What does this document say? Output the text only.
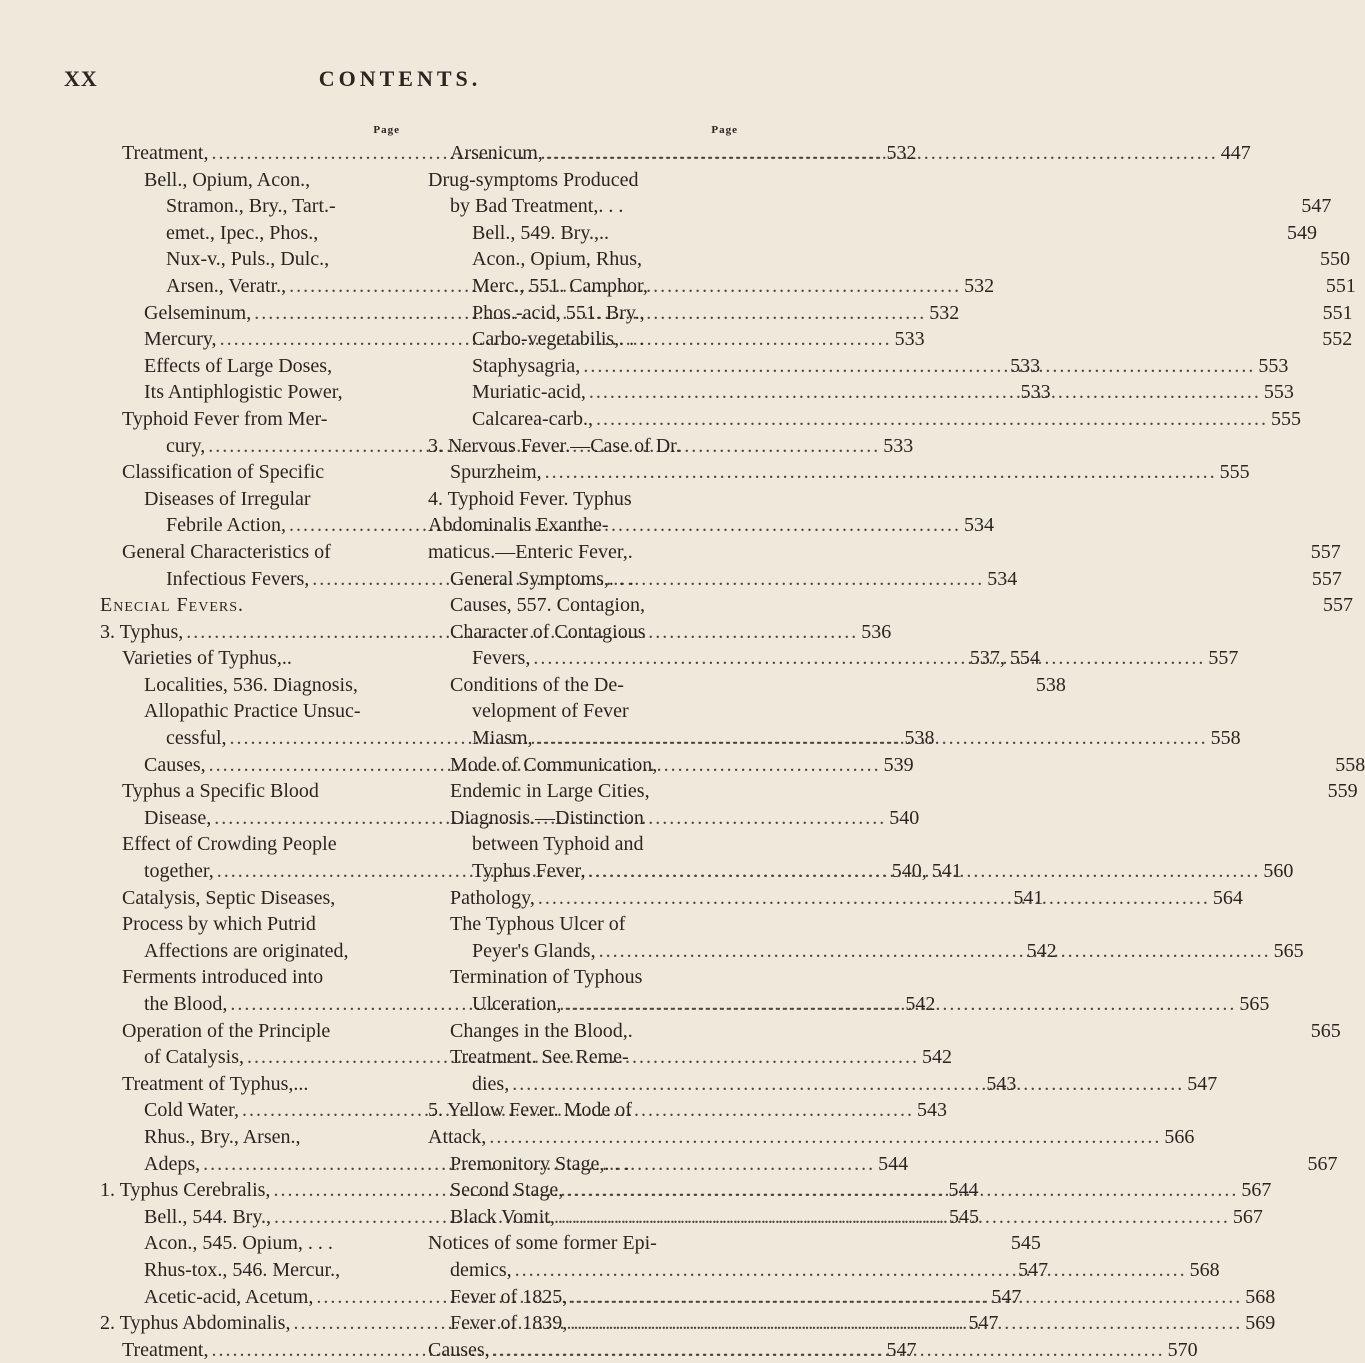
XX	CONTENTS.
Page
Treatment, .....	532
Bell., Opium, Acon.,
Stramon., Bry., Tart.-
emet., Ipec., Phos.,
Nux-v., Puls., Dulc.,
Arsen., Veratr., .....	532
Gelseminum, .....	532
Mercury, .....	533
Effects of Large Doses,	533
Its Antiphlogistic Power,	533
Typhoid Fever from Mer-
cury, .....	533
Classification of Specific
Diseases of Irregular
Febrile Action, .....	534
General Characteristics of
Infectious Fevers, .....	534
Enecial Fevers.
3. Typhus, .....	536
Varieties of Typhus,..	537, 554
Localities, 536. Diagnosis,	538
Allopathic Practice Unsuc-
cessful, .....	538
Causes, .....	539
Typhus a Specific Blood
Disease, .....	540
Effect of Crowding People
together, .....	540, 541
Catalysis, Septic Diseases,	541
Process by which Putrid
Affections are originated,	542
Ferments introduced into
the Blood, .....	542
Operation of the Principle
of Catalysis, .....	542
Treatment of Typhus,...	543
Cold Water, .....	543
Rhus., Bry., Arsen.,
Adeps, .....	544
1. Typhus Cerebralis, .....	544
Bell., 544. Bry., .....	545
Acon., 545. Opium, . . .	545
Rhus-tox., 546. Mercur.,	547
Acetic-acid, Acetum, .....	547
2. Typhus Abdominalis, .....	547
Treatment, .....	547
Page
Arsenicum, .....	447
Drug-symptoms Produced
by Bad Treatment,. . .	547
Bell., 549. Bry.,..	549
Acon., Opium, Rhus,	550
Merc., 551. Camphor,	551
Phos.-acid, 551. Bry.,	551
Carbo-vegetabilis,. . .	552
Staphysagria, .....	553
Muriatic-acid, .....	553
Calcarea-carb., .....	555
3. Nervous Fever.—Case of Dr.
Spurzheim, .....	555
4. Typhoid Fever. Typhus
Abdominalis Exanthe-
maticus.—Enteric Fever,.	557
General Symptoms,. . .	557
Causes, 557. Contagion,	557
Character of Contagious
Fevers, .....	557
Conditions of the De-
velopment of Fever
Miasm, .....	558
Mode of Communication,	558
Endemic in Large Cities,	559
Diagnosis.—Distinction
between Typhoid and
Typhus Fever, .....	560
Pathology, .....	564
The Typhous Ulcer of
Peyer's Glands, .....	565
Termination of Typhous
Ulceration, .....	565
Changes in the Blood,.	565
Treatment. See Reme-
dies, .....	547
5. Yellow Fever. Mode of
Attack, .....	566
Premonitory Stage,. . .	567
Second Stage, .....	567
Black Vomit, .....	567
Notices of some former Epi-
demics, .....	568
Fever of 1825, .....	568
Fever of 1839, .....	569
Causes, .....	570
